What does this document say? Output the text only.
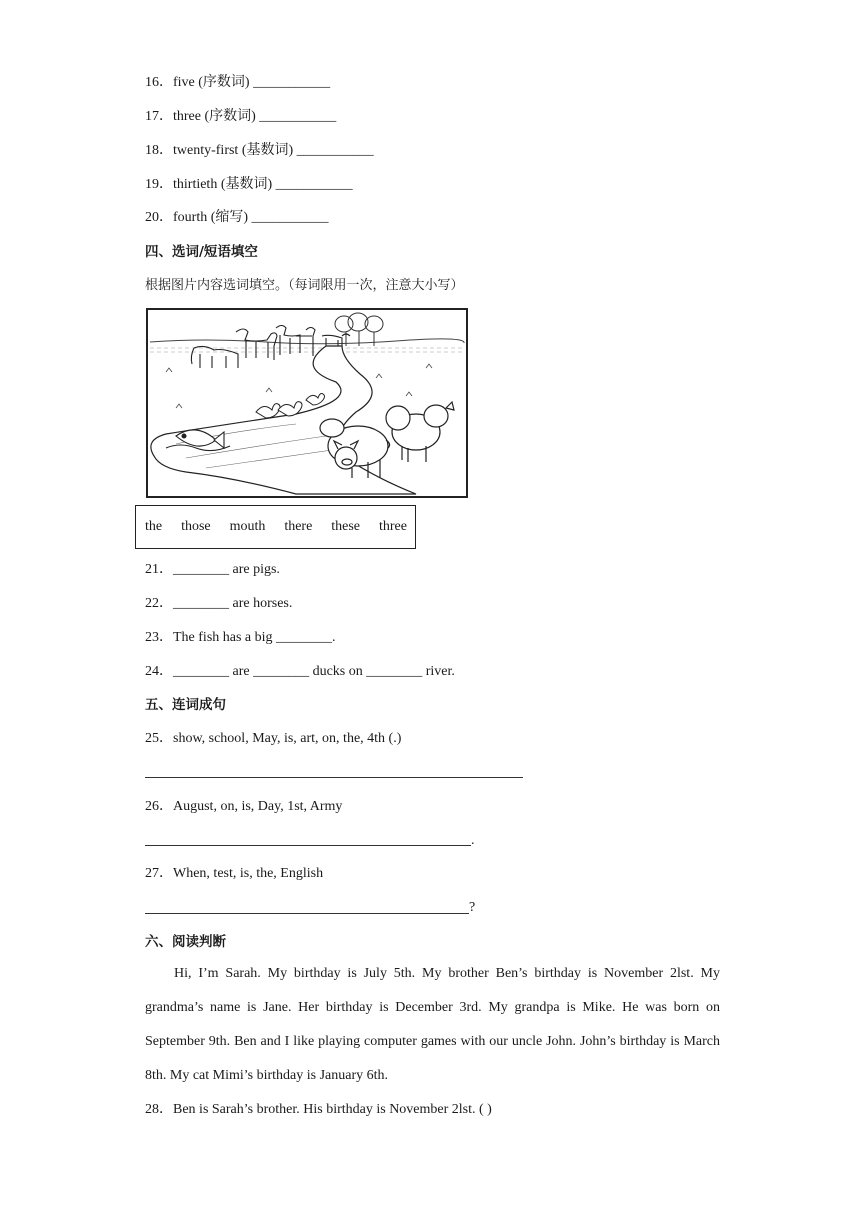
16．five (序数词) ___________
17．three (序数词) ___________
18．twenty-first (基数词) ___________
19．thirtieth (基数词) ___________
20．fourth (缩写) ___________
四、选词/短语填空
根据图片内容选词填空。（每词限用一次，注意大小写）
the those mouth there these three
21．________ are pigs.
22．________ are horses.
23．The fish has a big ________.
24．________ are ________ ducks on ________ river.
五、连词成句
25．show, school, May, is, art, on, the, 4th (.)
26．August, on, is, Day, 1st, Army
.
27．When, test, is, the, English
?
六、阅读判断

Hi, I’m Sarah. My birthday is July 5th. My brother Ben’s birthday is November 2lst. My grandma’s name is Jane. Her birthday is December 3rd. My grandpa is Mike. He was born on September 9th. Ben and I like playing computer games with our uncle John. John’s birthday is March 8th. My cat Mimi’s birthday is January 6th.

28．Ben is Sarah’s brother. His birthday is November 2lst. ( )
